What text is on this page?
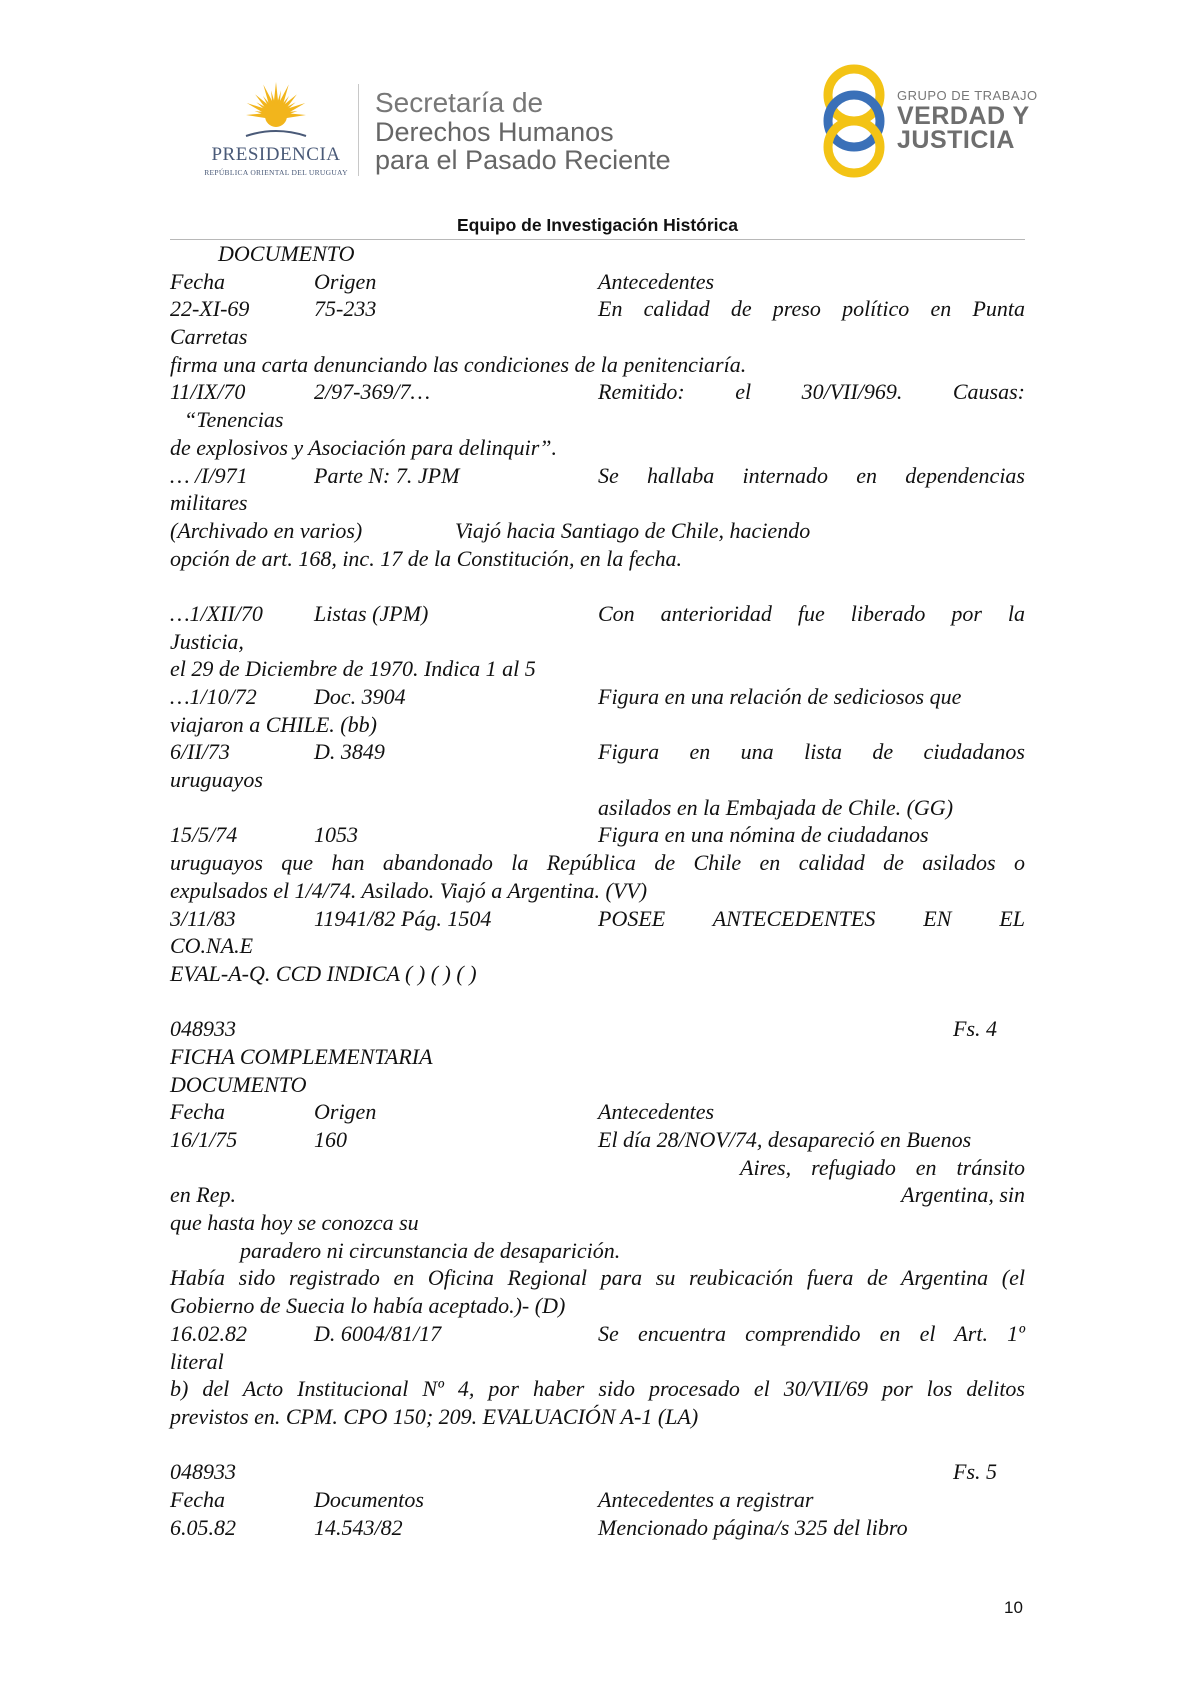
PRESIDENCIA
REPÚBLICA ORIENTAL DEL URUGUAY
Secretaría de
Derechos Humanos
para el Pasado Reciente
GRUPO DE TRABAJO
VERDAD Y
JUSTICIA
Equipo de Investigación Histórica
DOCUMENTO
Fecha	Origen	Antecedentes
22-XI-69	75-233	En calidad de preso político en Punta
Carretas
firma una carta denunciando las condiciones de la penitenciaría.
11/IX/70	2/97-369/7…	Remitido: el 30/VII/969. Causas:
“Tenencias
de explosivos y Asociación para delinquir”.
… /I/971	Parte N: 7. JPM	Se hallaba internado en dependencias
militares
(Archivado en varios)	Viajó hacia Santiago de Chile, haciendo
opción de art. 168, inc. 17 de la Constitución, en la fecha.
…1/XII/70 Listas (JPM)	Con anterioridad fue liberado por la
Justicia,
el 29 de Diciembre de 1970. Indica 1 al 5
…1/10/72	Doc. 3904	Figura en una relación de sediciosos que
viajaron a CHILE. (bb)
6/II/73	D. 3849	Figura en una lista de ciudadanos
uruguayos
asilados en la Embajada de Chile. (GG)
15/5/74	1053	Figura en una nómina de ciudadanos
uruguayos que han abandonado la República de Chile en calidad de asilados o
expulsados el 1/4/74. Asilado. Viajó a Argentina. (VV)
3/11/83	11941/82 Pág. 1504	POSEE ANTECEDENTES EN EL
CO.NA.E
EVAL-A-Q. CCD INDICA ( ) ( ) ( )
048933	Fs. 4
FICHA COMPLEMENTARIA
DOCUMENTO
Fecha	Origen	Antecedentes
16/1/75	160	El día 28/NOV/74, desapareció en Buenos
Aires, refugiado en tránsito
en Rep.	Argentina, sin
que hasta hoy se conozca su
paradero ni circunstancia de desaparición.
Había sido registrado en Oficina Regional para su reubicación fuera de Argentina (el
Gobierno de Suecia lo había aceptado.)- (D)
16.02.82	D. 6004/81/17	Se encuentra comprendido en el Art. 1º
literal
b) del Acto Institucional Nº 4, por haber sido procesado el 30/VII/69 por los delitos
previstos en. CPM. CPO 150; 209. EVALUACIÓN A-1 (LA)
048933	Fs. 5
Fecha	Documentos	Antecedentes a registrar
6.05.82	14.543/82	Mencionado página/s 325 del libro
10
